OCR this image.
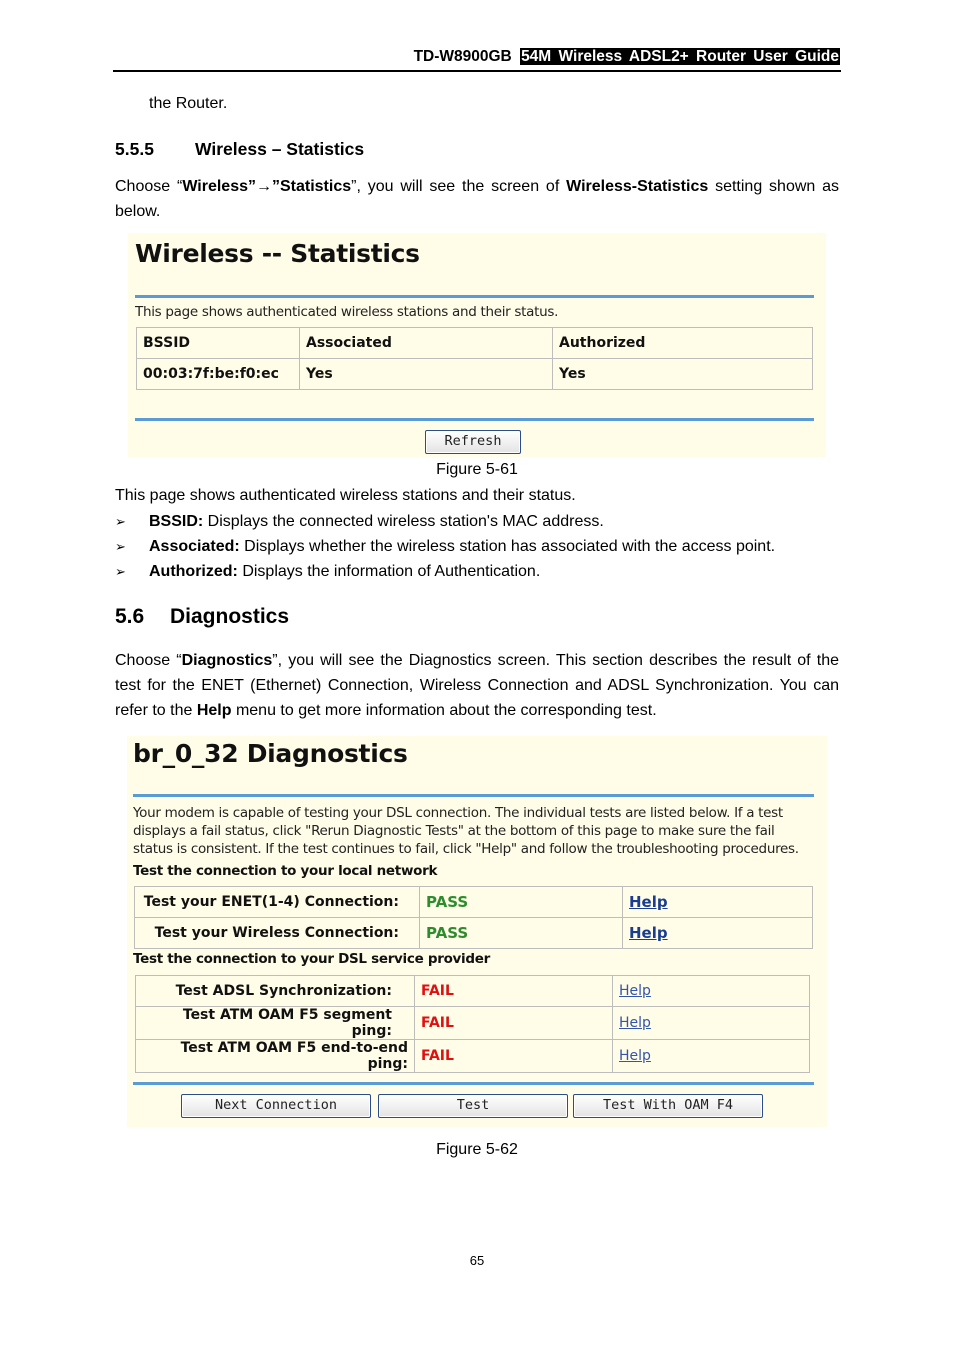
TD-W8900GB 54M Wireless ADSL2+ Router User Guide
the Router.
5.5.5 Wireless – Statistics
Choose “Wireless”→”Statistics”, you will see the screen of Wireless-Statistics setting shown as below.
Wireless -- Statistics
This page shows authenticated wireless stations and their status.
BSSID	Associated	Authorized
00:03:7f:be:f0:ec	Yes	Yes
Refresh
Figure 5-61
This page shows authenticated wireless stations and their status.
➢ BSSID: Displays the connected wireless station's MAC address.
➢ Associated: Displays whether the wireless station has associated with the access point.
➢ Authorized: Displays the information of Authentication.
5.6 Diagnostics
Choose “Diagnostics”, you will see the Diagnostics screen. This section describes the result of the test for the ENET (Ethernet) Connection, Wireless Connection and ADSL Synchronization. You can refer to the Help menu to get more information about the corresponding test.
br_0_32 Diagnostics
Your modem is capable of testing your DSL connection. The individual tests are listed below. If a test
displays a fail status, click "Rerun Diagnostic Tests" at the bottom of this page to make sure the fail
status is consistent. If the test continues to fail, click "Help" and follow the troubleshooting procedures.
Test the connection to your local network
Test your ENET(1-4) Connection:	PASS	Help
Test your Wireless Connection:	PASS	Help
Test the connection to your DSL service provider
Test ADSL Synchronization:	FAIL	Help
Test ATM OAM F5 segment ping:	FAIL	Help
Test ATM OAM F5 end-to-end ping:	FAIL	Help
Next Connection	Test	Test With OAM F4
Figure 5-62
65
